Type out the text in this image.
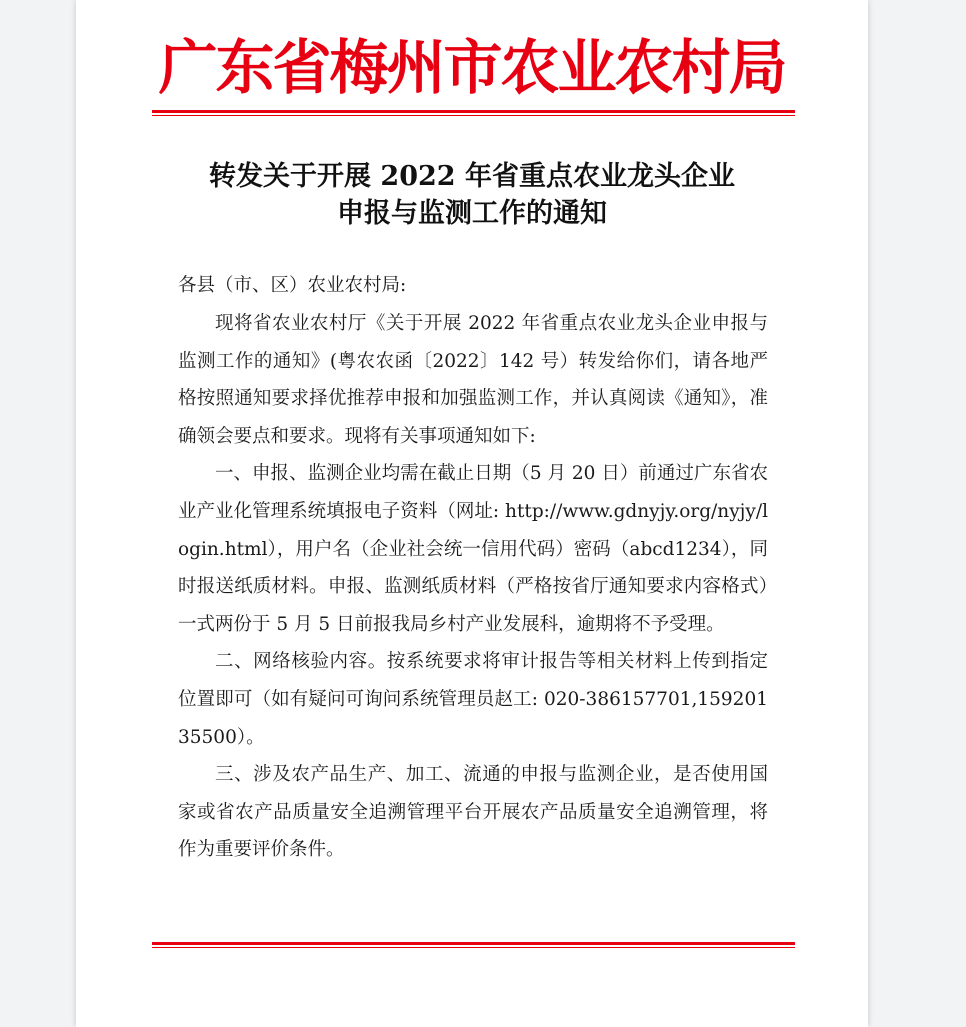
广东省梅州市农业农村局
转发关于开展 2022 年省重点农业龙头企业
申报与监测工作的通知
各县（市、区）农业农村局:

现将省农业农村厅《关于开展 2022 年省重点农业龙头企业申报与监测工作的通知》(粤农农函〔2022〕142 号）转发给你们，请各地严格按照通知要求择优推荐申报和加强监测工作，并认真阅读《通知》，准确领会要点和要求。现将有关事项通知如下:

一、申报、监测企业均需在截止日期（5 月 20 日）前通过广东省农业产业化管理系统填报电子资料（网址: http://www.gdnyjy.org/nyjy/login.html），用户名（企业社会统一信用代码）密码（abcd1234），同时报送纸质材料。申报、监测纸质材料（严格按省厅通知要求内容格式）一式两份于 5 月 5 日前报我局乡村产业发展科，逾期将不予受理。

二、网络核验内容。按系统要求将审计报告等相关材料上传到指定位置即可（如有疑问可询问系统管理员赵工: 020-38615770​1,15920135500）。

三、涉及农产品生产、加工、流通的申报与监测企业，是否使用国家或省农产品质量安全追溯管理平台开展农产品质量安全追溯管理，将作为重要评价条件。
